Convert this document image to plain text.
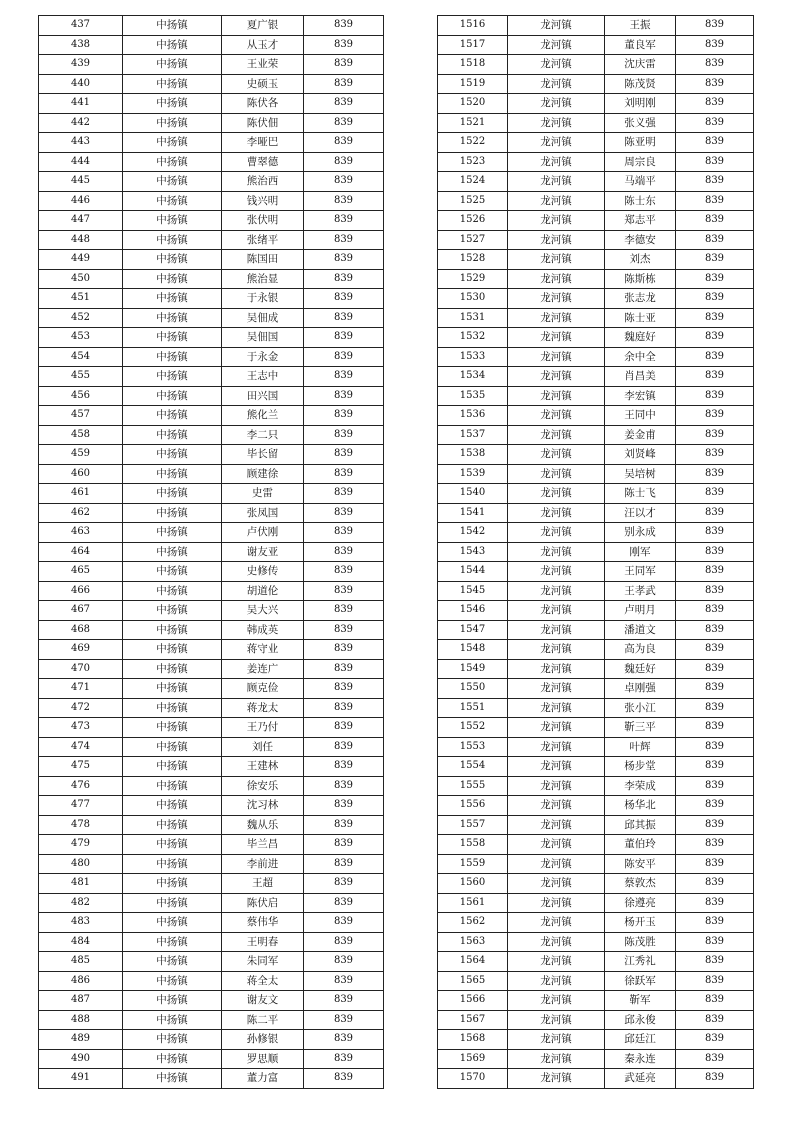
437	中扬镇	夏广银	839
438	中扬镇	从玉才	839
439	中扬镇	王业荣	839
440	中扬镇	史硕玉	839
441	中扬镇	陈伏各	839
442	中扬镇	陈伏佃	839
443	中扬镇	李哑巴	839
444	中扬镇	曹翠德	839
445	中扬镇	熊治西	839
446	中扬镇	钱兴明	839
447	中扬镇	张伏明	839
448	中扬镇	张绪平	839
449	中扬镇	陈国田	839
450	中扬镇	熊治显	839
451	中扬镇	于永银	839
452	中扬镇	吴佃成	839
453	中扬镇	吴佃国	839
454	中扬镇	于永金	839
455	中扬镇	王志中	839
456	中扬镇	田兴国	839
457	中扬镇	熊化兰	839
458	中扬镇	李二只	839
459	中扬镇	毕长留	839
460	中扬镇	顾建徐	839
461	中扬镇	史雷	839
462	中扬镇	张凤国	839
463	中扬镇	卢伏刚	839
464	中扬镇	谢友亚	839
465	中扬镇	史修传	839
466	中扬镇	胡道伦	839
467	中扬镇	吴大兴	839
468	中扬镇	韩成英	839
469	中扬镇	蒋守业	839
470	中扬镇	姜连广	839
471	中扬镇	顾克俭	839
472	中扬镇	蒋龙太	839
473	中扬镇	王乃付	839
474	中扬镇	刘任	839
475	中扬镇	王建林	839
476	中扬镇	徐安乐	839
477	中扬镇	沈习林	839
478	中扬镇	魏从乐	839
479	中扬镇	毕兰昌	839
480	中扬镇	李前进	839
481	中扬镇	王超	839
482	中扬镇	陈伏启	839
483	中扬镇	蔡伟华	839
484	中扬镇	王明春	839
485	中扬镇	朱同军	839
486	中扬镇	蒋全太	839
487	中扬镇	谢友文	839
488	中扬镇	陈二平	839
489	中扬镇	孙修银	839
490	中扬镇	罗思顺	839
491	中扬镇	董力富	839
1516	龙河镇	王振	839
1517	龙河镇	董良军	839
1518	龙河镇	沈庆雷	839
1519	龙河镇	陈茂贤	839
1520	龙河镇	刘明刚	839
1521	龙河镇	张义强	839
1522	龙河镇	陈亚明	839
1523	龙河镇	周宗良	839
1524	龙河镇	马端平	839
1525	龙河镇	陈士东	839
1526	龙河镇	郑志平	839
1527	龙河镇	李德安	839
1528	龙河镇	刘杰	839
1529	龙河镇	陈斯栋	839
1530	龙河镇	张志龙	839
1531	龙河镇	陈士亚	839
1532	龙河镇	魏庭好	839
1533	龙河镇	余中全	839
1534	龙河镇	肖昌美	839
1535	龙河镇	李宏镇	839
1536	龙河镇	王同中	839
1537	龙河镇	姜金甫	839
1538	龙河镇	刘贤峰	839
1539	龙河镇	吴培树	839
1540	龙河镇	陈士飞	839
1541	龙河镇	汪以才	839
1542	龙河镇	别永成	839
1543	龙河镇	刚军	839
1544	龙河镇	王同军	839
1545	龙河镇	王孝武	839
1546	龙河镇	卢明月	839
1547	龙河镇	潘道文	839
1548	龙河镇	高为良	839
1549	龙河镇	魏廷好	839
1550	龙河镇	卓刚强	839
1551	龙河镇	张小江	839
1552	龙河镇	靳三平	839
1553	龙河镇	叶辉	839
1554	龙河镇	杨步堂	839
1555	龙河镇	李荣成	839
1556	龙河镇	杨华北	839
1557	龙河镇	邱其振	839
1558	龙河镇	董伯玲	839
1559	龙河镇	陈安平	839
1560	龙河镇	蔡敦杰	839
1561	龙河镇	徐遵亮	839
1562	龙河镇	杨开玉	839
1563	龙河镇	陈茂胜	839
1564	龙河镇	江秀礼	839
1565	龙河镇	徐跃军	839
1566	龙河镇	靳军	839
1567	龙河镇	邱永俊	839
1568	龙河镇	邱廷江	839
1569	龙河镇	秦永连	839
1570	龙河镇	武延亮	839
